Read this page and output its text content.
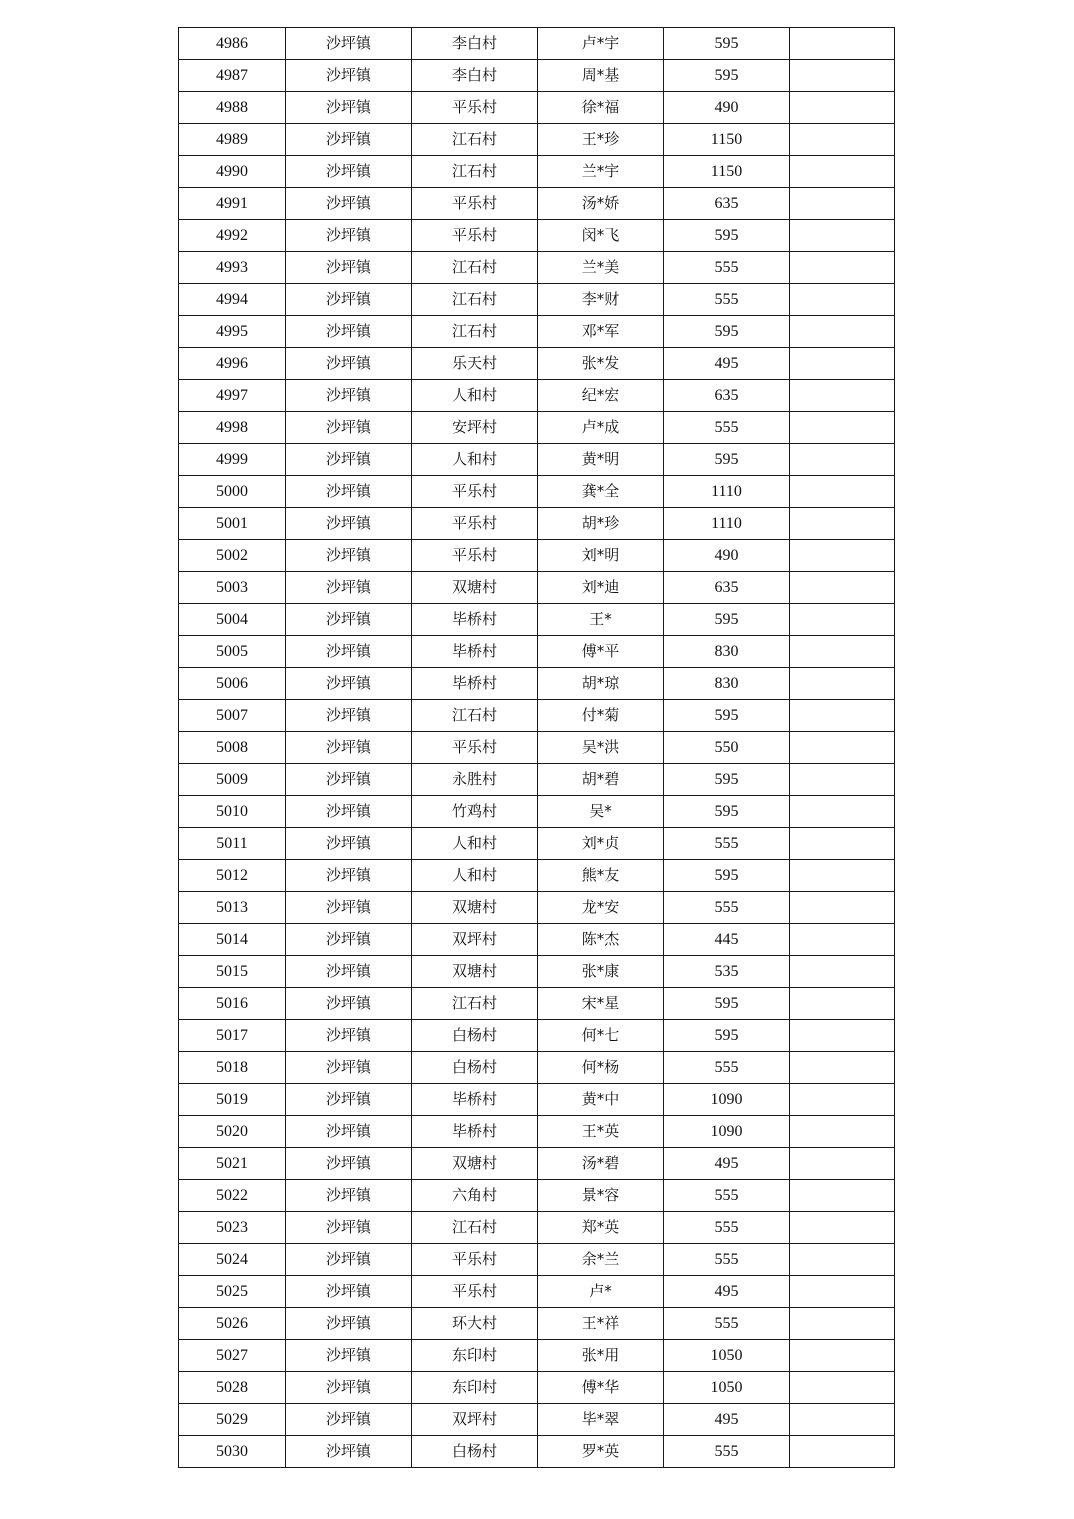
4986	沙坪镇	李白村	卢*宇	595	
4987	沙坪镇	李白村	周*基	595	
4988	沙坪镇	平乐村	徐*福	490	
4989	沙坪镇	江石村	王*珍	1150	
4990	沙坪镇	江石村	兰*宇	1150	
4991	沙坪镇	平乐村	汤*娇	635	
4992	沙坪镇	平乐村	闵*飞	595	
4993	沙坪镇	江石村	兰*美	555	
4994	沙坪镇	江石村	李*财	555	
4995	沙坪镇	江石村	邓*军	595	
4996	沙坪镇	乐天村	张*发	495	
4997	沙坪镇	人和村	纪*宏	635	
4998	沙坪镇	安坪村	卢*成	555	
4999	沙坪镇	人和村	黄*明	595	
5000	沙坪镇	平乐村	龚*全	1110	
5001	沙坪镇	平乐村	胡*珍	1110	
5002	沙坪镇	平乐村	刘*明	490	
5003	沙坪镇	双塘村	刘*迪	635	
5004	沙坪镇	毕桥村	王*	595	
5005	沙坪镇	毕桥村	傅*平	830	
5006	沙坪镇	毕桥村	胡*琼	830	
5007	沙坪镇	江石村	付*菊	595	
5008	沙坪镇	平乐村	吴*洪	550	
5009	沙坪镇	永胜村	胡*碧	595	
5010	沙坪镇	竹鸡村	吴*	595	
5011	沙坪镇	人和村	刘*贞	555	
5012	沙坪镇	人和村	熊*友	595	
5013	沙坪镇	双塘村	龙*安	555	
5014	沙坪镇	双坪村	陈*杰	445	
5015	沙坪镇	双塘村	张*康	535	
5016	沙坪镇	江石村	宋*星	595	
5017	沙坪镇	白杨村	何*七	595	
5018	沙坪镇	白杨村	何*杨	555	
5019	沙坪镇	毕桥村	黄*中	1090	
5020	沙坪镇	毕桥村	王*英	1090	
5021	沙坪镇	双塘村	汤*碧	495	
5022	沙坪镇	六角村	景*容	555	
5023	沙坪镇	江石村	郑*英	555	
5024	沙坪镇	平乐村	余*兰	555	
5025	沙坪镇	平乐村	卢*	495	
5026	沙坪镇	环大村	王*祥	555	
5027	沙坪镇	东印村	张*用	1050	
5028	沙坪镇	东印村	傅*华	1050	
5029	沙坪镇	双坪村	毕*翠	495	
5030	沙坪镇	白杨村	罗*英	555	
